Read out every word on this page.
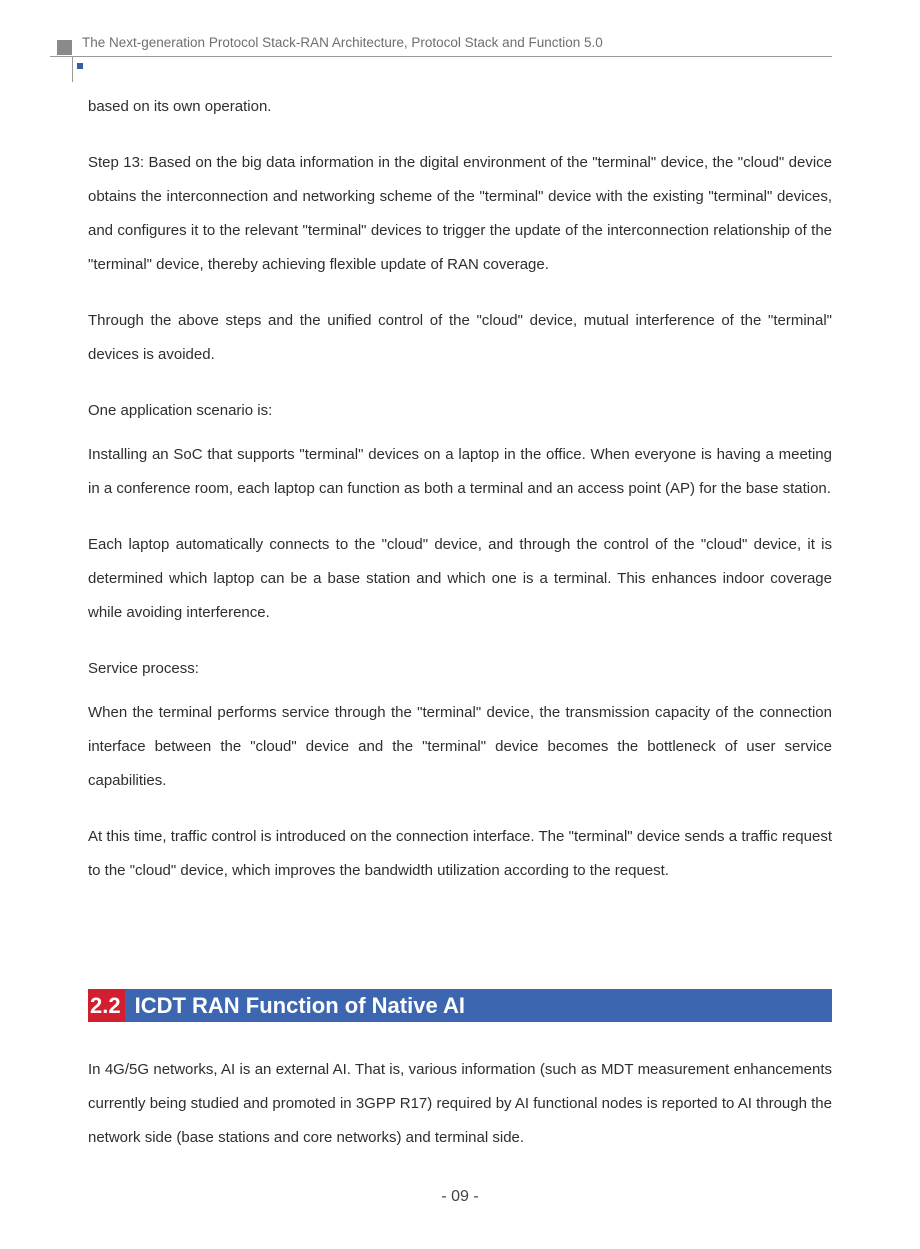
The Next-generation Protocol Stack-RAN Architecture, Protocol Stack and Function 5.0

based on its own operation.

Step 13: Based on the big data information in the digital environment of the "terminal" device, the "cloud" device obtains the interconnection and networking scheme of the "terminal" device with the existing "terminal" devices, and configures it to the relevant "terminal" devices to trigger the update of the interconnection relationship of the "terminal" device, thereby achieving flexible update of RAN coverage.

Through the above steps and the unified control of the "cloud" device, mutual interference of the "terminal" devices is avoided.

One application scenario is:

Installing an SoC that supports "terminal" devices on a laptop in the office. When everyone is having a meeting in a conference room, each laptop can function as both a terminal and an access point (AP) for the base station.

Each laptop automatically connects to the "cloud" device, and through the control of the "cloud" device, it is determined which laptop can be a base station and which one is a terminal. This enhances indoor coverage while avoiding interference.

Service process:

When the terminal performs service through the "terminal" device, the transmission capacity of the connection interface between the "cloud" device and the "terminal" device becomes the bottleneck of user service capabilities.

At this time, traffic control is introduced on the connection interface. The "terminal" device sends a traffic request to the "cloud" device, which improves the bandwidth utilization according to the request.

2.2 ICDT RAN Function of Native AI

In 4G/5G networks, AI is an external AI. That is, various information (such as MDT measurement enhancements currently being studied and promoted in 3GPP R17) required by AI functional nodes is reported to AI through the network side (base stations and core networks) and terminal side.

- 09 -
